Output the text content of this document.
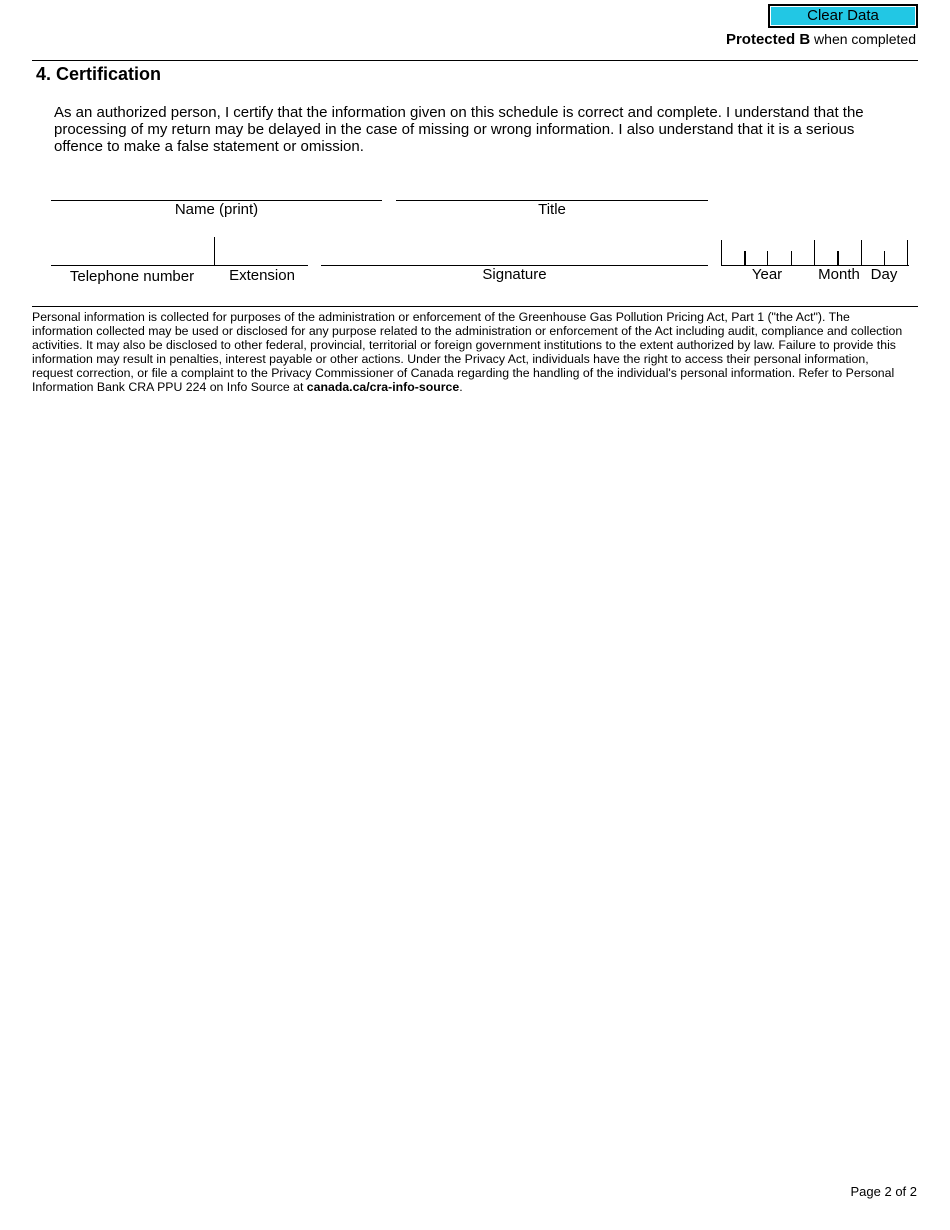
Clear Data
Protected B when completed
4. Certification
As an authorized person, I certify that the information given on this schedule is correct and complete. I understand that the processing of my return may be delayed in the case of missing or wrong information. I also understand that it is a serious offence to make a false statement or omission.
Name (print)	Title
Telephone number	Extension	Signature	Year	Month Day
Personal information is collected for purposes of the administration or enforcement of the Greenhouse Gas Pollution Pricing Act, Part 1 ("the Act"). The information collected may be used or disclosed for any purpose related to the administration or enforcement of the Act including audit, compliance and collection activities. It may also be disclosed to other federal, provincial, territorial or foreign government institutions to the extent authorized by law. Failure to provide this information may result in penalties, interest payable or other actions. Under the Privacy Act, individuals have the right to access their personal information, request correction, or file a complaint to the Privacy Commissioner of Canada regarding the handling of the individual's personal information. Refer to Personal Information Bank CRA PPU 224 on Info Source at canada.ca/cra-info-source.
Page 2 of 2
